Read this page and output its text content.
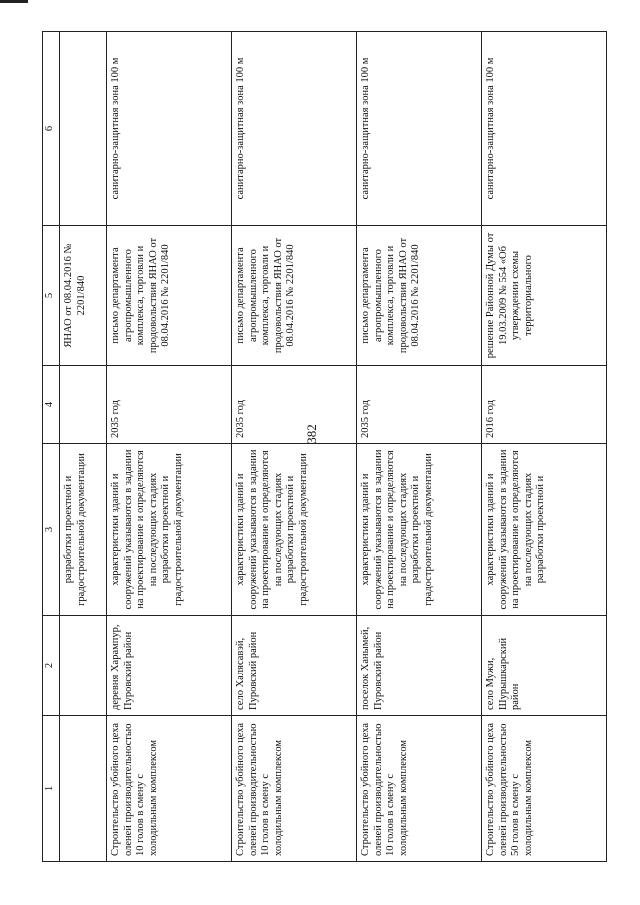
382
1	2	3	4	5	6
		разработки проектной и градостроительной документации		ЯНАО от 08.04.2016 № 2201/840	
Строительство убойного цеха оленей производительностью 10 голов в смену с холодильным комплексом	деревня Харампур, Пуровский район	характеристики зданий и сооружений указываются в задании на проектирование и определяются на последующих стадиях разработки проектной и градостроительной документации	2035 год	письмо департамента агропромышленного комплекса, торговли и продовольствия ЯНАО от 08.04.2016 № 2201/840	санитарно-защитная зона 100 м
Строительство убойного цеха оленей производительностью 10 голов в смену с холодильным комплексом	село Халясавэй, Пуровский район	характеристики зданий и сооружений указываются в задании на проектирование и определяются на последующих стадиях разработки проектной и градостроительной документации	2035 год	письмо департамента агропромышленного комплекса, торговли и продовольствия ЯНАО от 08.04.2016 № 2201/840	санитарно-защитная зона 100 м
Строительство убойного цеха оленей производительностью 10 голов в смену с холодильным комплексом	поселок Ханымей, Пуровский район	характеристики зданий и сооружений указываются в задании на проектирование и определяются на последующих стадиях разработки проектной и градостроительной документации	2035 год	письмо департамента агропромышленного комплекса, торговли и продовольствия ЯНАО от 08.04.2016 № 2201/840	санитарно-защитная зона 100 м
Строительство убойного цеха оленей производительностью 50 голов в смену с холодильным комплексом	село Мужи, Шурышкарский район	характеристики зданий и сооружений указываются в задании на проектирование и определяются на последующих стадиях разработки проектной и	2016 год	решение Районной Думы от 19.03.2009 № 554 «Об утверждении схемы территориального	санитарно-защитная зона 100 м
